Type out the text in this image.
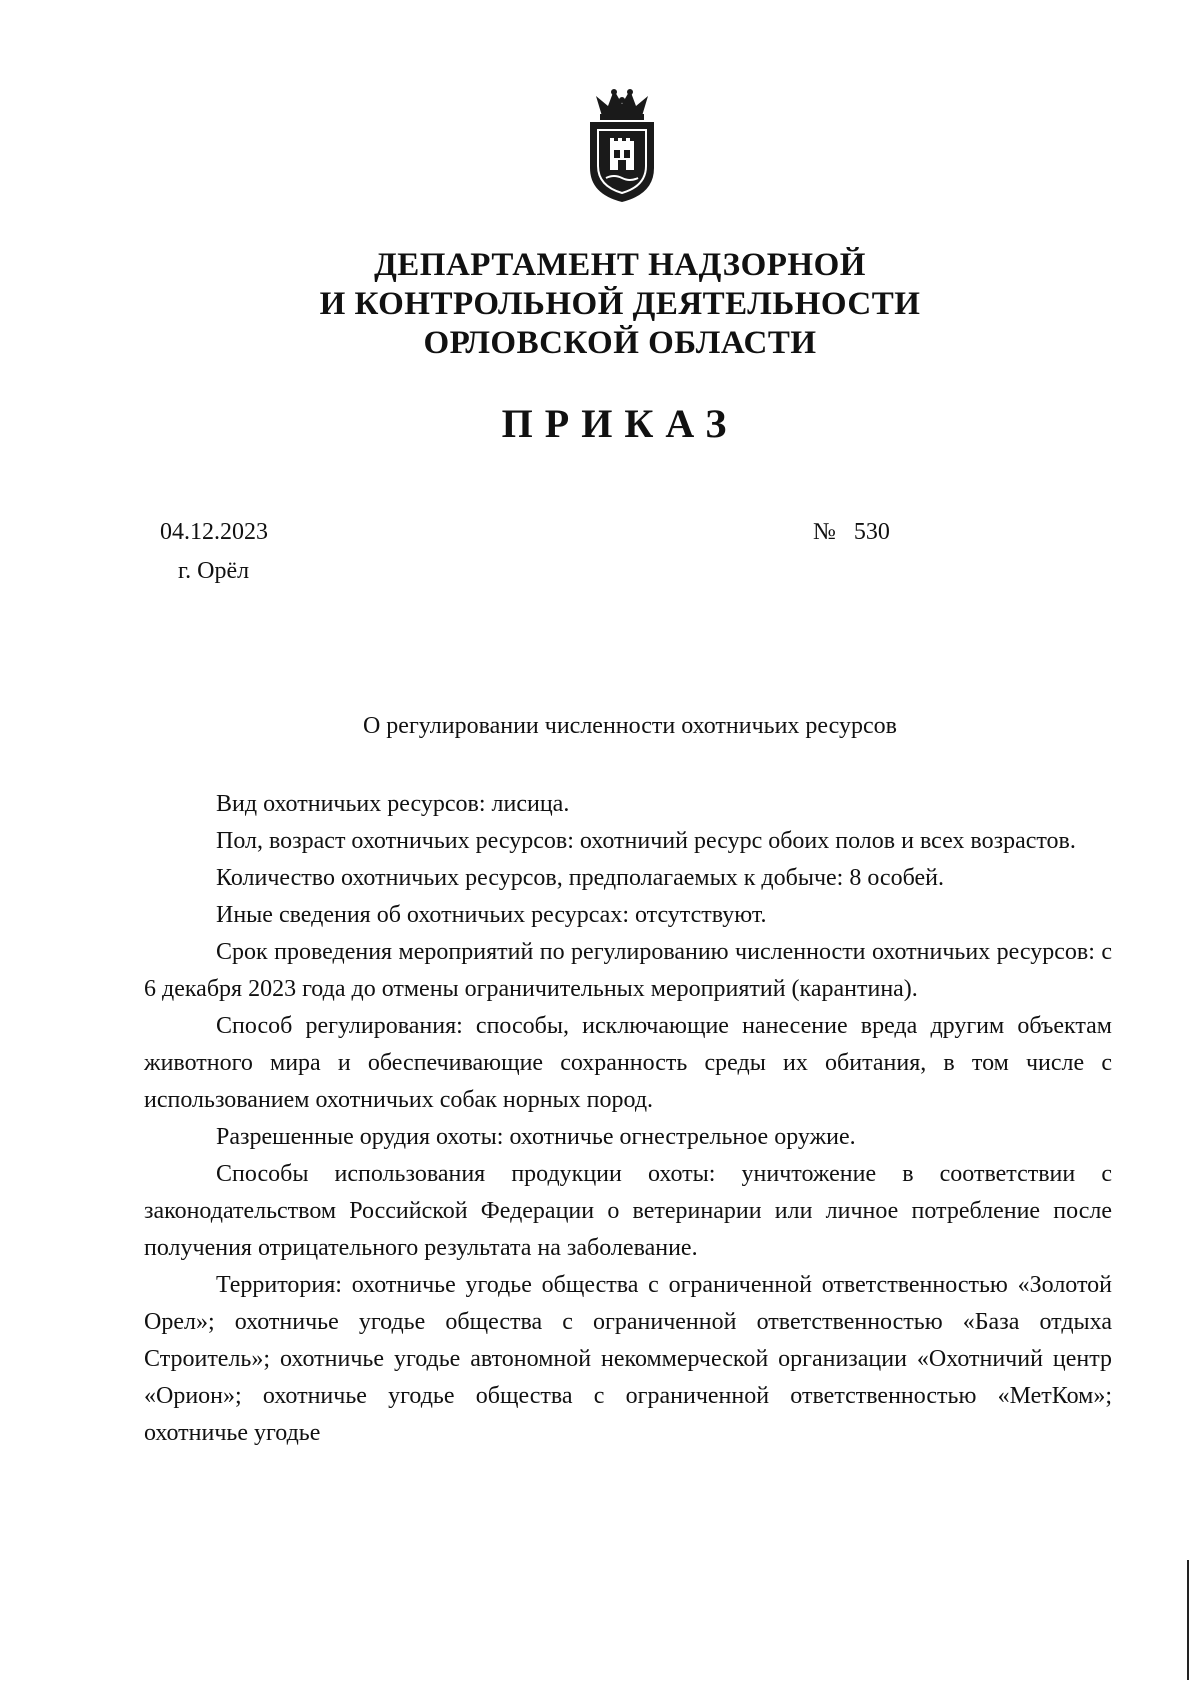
ДЕПАРТАМЕНТ НАДЗОРНОЙ
И КОНТРОЛЬНОЙ ДЕЯТЕЛЬНОСТИ
ОРЛОВСКОЙ ОБЛАСТИ
ПРИКАЗ
04.12.2023
г. Орёл
№ 530
О регулировании численности охотничьих ресурсов

Вид охотничьих ресурсов: лисица.

Пол, возраст охотничьих ресурсов: охотничий ресурс обоих полов и всех возрастов.

Количество охотничьих ресурсов, предполагаемых к добыче: 8 особей.

Иные сведения об охотничьих ресурсах: отсутствуют.

Срок проведения мероприятий по регулированию численности охотничьих ресурсов: с 6 декабря 2023 года до отмены ограничительных мероприятий (карантина).

Способ регулирования: способы, исключающие нанесение вреда другим объектам животного мира и обеспечивающие сохранность среды их обитания, в том числе с использованием охотничьих собак норных пород.

Разрешенные орудия охоты: охотничье огнестрельное оружие.

Способы использования продукции охоты: уничтожение в соответствии с законодательством Российской Федерации о ветеринарии или личное потребление после получения отрицательного результата на заболевание.

Территория: охотничье угодье общества с ограниченной ответственностью «Золотой Орел»; охотничье угодье общества с ограниченной ответственностью «База отдыха Строитель»; охотничье угодье автономной некоммерческой организации «Охотничий центр «Орион»; охотничье угодье общества с ограниченной ответственностью «МетКом»; охотничье угодье
